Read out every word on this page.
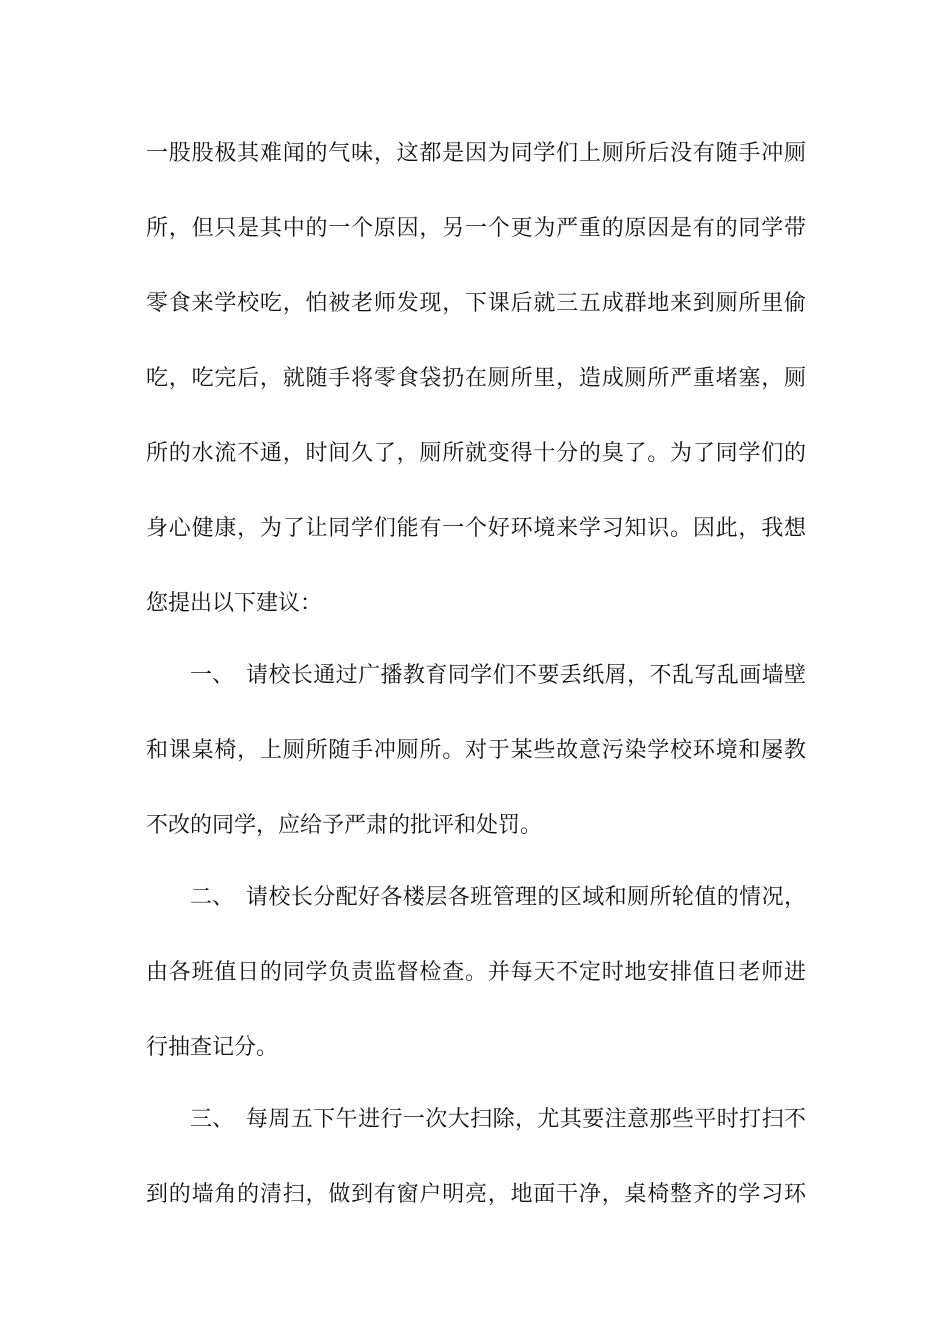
一股股极其难闻的气味，这都是因为同学们上厕所后没有随手冲厕
所，但只是其中的一个原因，另一个更为严重的原因是有的同学带
零食来学校吃，怕被老师发现，下课后就三五成群地来到厕所里偷
吃，吃完后，就随手将零食袋扔在厕所里，造成厕所严重堵塞，厕
所的水流不通，时间久了，厕所就变得十分的臭了。为了同学们的
身心健康，为了让同学们能有一个好环境来学习知识。因此，我想
您提出以下建议：
一、 请校长通过广播教育同学们不要丢纸屑，不乱写乱画墙壁
和课桌椅，上厕所随手冲厕所。对于某些故意污染学校环境和屡教
不改的同学，应给予严肃的批评和处罚。
二、 请校长分配好各楼层各班管理的区域和厕所轮值的情况，
由各班值日的同学负责监督检查。并每天不定时地安排值日老师进
行抽查记分。
三、 每周五下午进行一次大扫除，尤其要注意那些平时打扫不
到的墙角的清扫，做到有窗户明亮，地面干净，桌椅整齐的学习环
